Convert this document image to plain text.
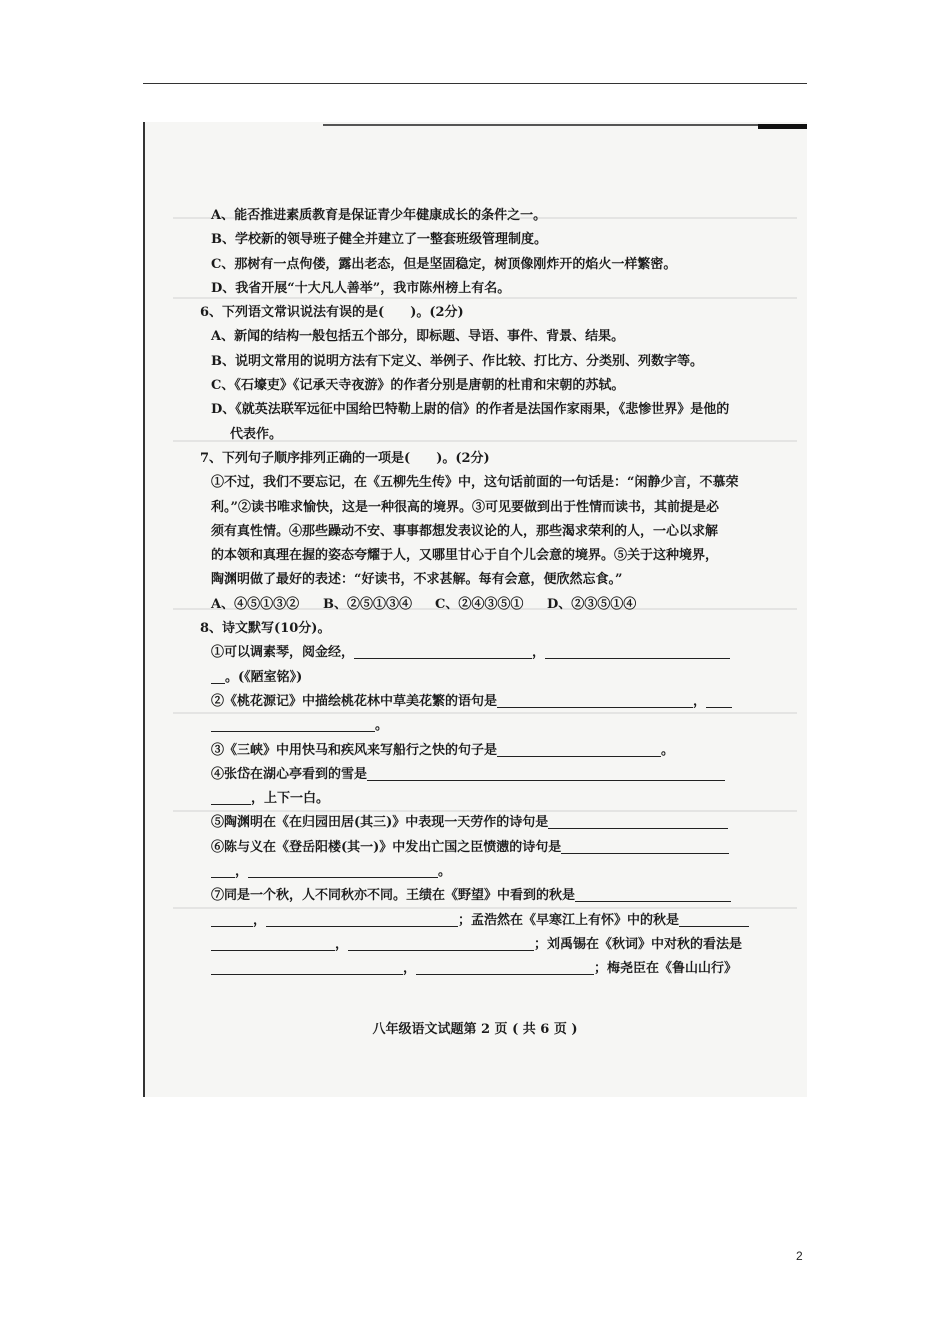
A、能否推进素质教育是保证青少年健康成长的条件之一。
B、学校新的领导班子健全并建立了一整套班级管理制度。
C、那树有一点佝偻，露出老态，但是坚固稳定，树顶像刚炸开的焰火一样繁密。
D、我省开展“十大凡人善举”，我市陈州榜上有名。
6、下列语文常识说法有误的是(　　)。(2分)
A、新闻的结构一般包括五个部分，即标题、导语、事件、背景、结果。
B、说明文常用的说明方法有下定义、举例子、作比较、打比方、分类别、列数字等。
C、《石壕吏》《记承天寺夜游》的作者分别是唐朝的杜甫和宋朝的苏轼。
D、《就英法联军远征中国给巴特勒上尉的信》的作者是法国作家雨果，《悲惨世界》是他的
代表作。
7、下列句子顺序排列正确的一项是(　　)。(2分)
①不过，我们不要忘记，在《五柳先生传》中，这句话前面的一句话是：“闲静少言，不慕荣
利。”②读书唯求愉快，这是一种很高的境界。③可见要做到出于性情而读书，其前提是必
须有真性情。④那些躁动不安、事事都想发表议论的人，那些渴求荣利的人，一心以求解
的本领和真理在握的姿态夸耀于人，又哪里甘心于自个儿会意的境界。⑤关于这种境界，
陶渊明做了最好的表述：“好读书，不求甚解。每有会意，便欣然忘食。”
A、④⑤①③② B、②⑤①③④ C、②④③⑤① D、②③⑤①④
8、诗文默写(10分)。
①可以调素琴，阅金经，	，
。(《陋室铭》)
②《桃花源记》中描绘桃花林中草美花繁的语句是	，
。
③《三峡》中用快马和疾风来写船行之快的句子是	。
④张岱在湖心亭看到的雪是
，上下一白。
⑤陶渊明在《在归园田居(其三)》中表现一天劳作的诗句是
⑥陈与义在《登岳阳楼(其一)》中发出亡国之臣愤懑的诗句是
，	。
⑦同是一个秋，人不同秋亦不同。王绩在《野望》中看到的秋是
，	；孟浩然在《早寒江上有怀》中的秋是
，	；刘禹锡在《秋词》中对秋的看法是
，	；梅尧臣在《鲁山山行》
八年级语文试题第 2 页 ( 共 6 页 )
2
